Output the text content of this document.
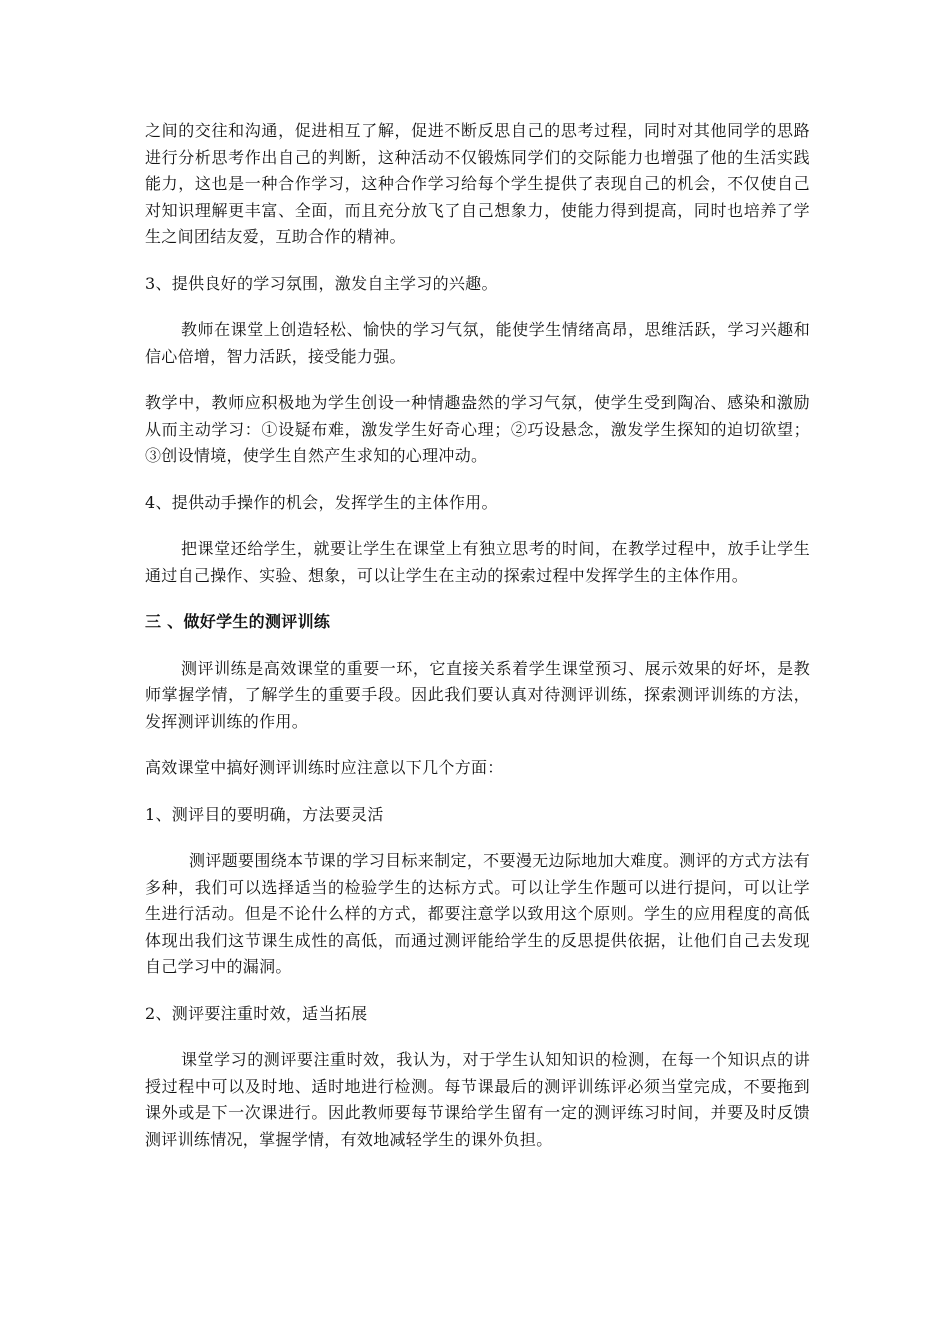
之间的交往和沟通，促进相互了解，促进不断反思自己的思考过程，同时对其他同学的思路进行分析思考作出自己的判断，这种活动不仅锻炼同学们的交际能力也增强了他的生活实践能力，这也是一种合作学习，这种合作学习给每个学生提供了表现自己的机会，不仅使自己对知识理解更丰富、全面，而且充分放飞了自己想象力，使能力得到提高，同时也培养了学生之间团结友爱，互助合作的精神。

3、提供良好的学习氛围，激发自主学习的兴趣。

教师在课堂上创造轻松、愉快的学习气氛，能使学生情绪高昂，思维活跃，学习兴趣和信心倍增，智力活跃，接受能力强。

教学中，教师应积极地为学生创设一种情趣盎然的学习气氛，使学生受到陶冶、感染和激励从而主动学习：①设疑布难，激发学生好奇心理；②巧设悬念，激发学生探知的迫切欲望；③创设情境，使学生自然产生求知的心理冲动。

4、提供动手操作的机会，发挥学生的主体作用。

把课堂还给学生，就要让学生在课堂上有独立思考的时间，在教学过程中，放手让学生通过自己操作、实验、想象，可以让学生在主动的探索过程中发挥学生的主体作用。

三 、做好学生的测评训练

测评训练是高效课堂的重要一环，它直接关系着学生课堂预习、展示效果的好坏，是教师掌握学情，了解学生的重要手段。因此我们要认真对待测评训练，探索测评训练的方法，发挥测评训练的作用。

高效课堂中搞好测评训练时应注意以下几个方面：

1、测评目的要明确，方法要灵活

测评题要围绕本节课的学习目标来制定，不要漫无边际地加大难度。测评的方式方法有多种，我们可以选择适当的检验学生的达标方式。可以让学生作题可以进行提问，可以让学生进行活动。但是不论什么样的方式，都要注意学以致用这个原则。学生的应用程度的高低体现出我们这节课生成性的高低，而通过测评能给学生的反思提供依据，让他们自己去发现自己学习中的漏洞。

2、测评要注重时效，适当拓展

课堂学习的测评要注重时效，我认为，对于学生认知知识的检测，在每一个知识点的讲授过程中可以及时地、适时地进行检测。每节课最后的测评训练评必须当堂完成，不要拖到课外或是下一次课进行。因此教师要每节课给学生留有一定的测评练习时间，并要及时反馈测评训练情况，掌握学情，有效地减轻学生的课外负担。
